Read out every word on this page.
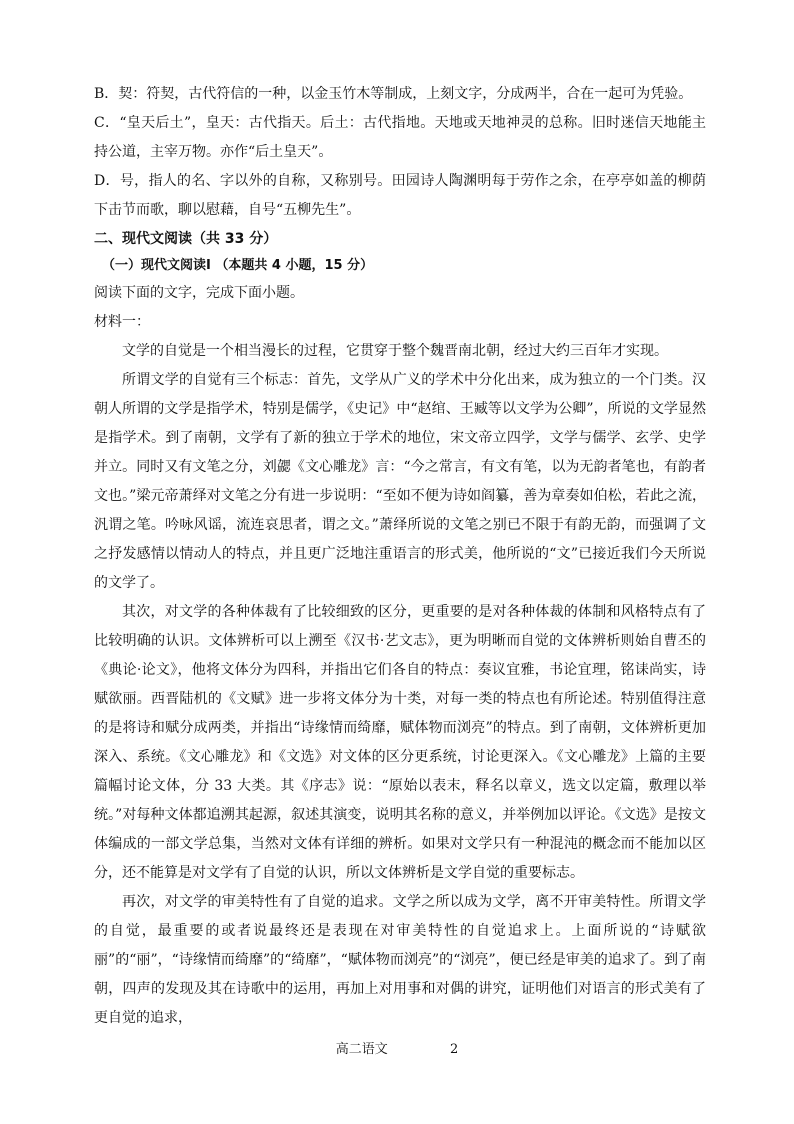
B．契：符契，古代符信的一种，以金玉竹木等制成，上刻文字，分成两半，合在一起可为凭验。

C．“皇天后土”，皇天：古代指天。后土：古代指地。天地或天地神灵的总称。旧时迷信天地能主持公道，主宰万物。亦作“后土皇天”。

D．号，指人的名、字以外的自称，又称别号。田园诗人陶渊明每于劳作之余，在亭亭如盖的柳荫下击节而歌，聊以慰藉，自号“五柳先生”。

二、现代文阅读（共 33 分）

（一）现代文阅读Ⅰ （本题共 4 小题，15 分）

阅读下面的文字，完成下面小题。

材料一：

文学的自觉是一个相当漫长的过程，它贯穿于整个魏晋南北朝，经过大约三百年才实现。

所谓文学的自觉有三个标志：首先，文学从广义的学术中分化出来，成为独立的一个门类。汉朝人所谓的文学是指学术，特别是儒学，《史记》中“赵绾、王臧等以文学为公卿”，所说的文学显然是指学术。到了南朝，文学有了新的独立于学术的地位，宋文帝立四学，文学与儒学、玄学、史学并立。同时又有文笔之分，刘勰《文心雕龙》言：“今之常言，有文有笔，以为无韵者笔也，有韵者文也。”梁元帝萧绎对文笔之分有进一步说明：“至如不便为诗如阎纂，善为章奏如伯松，若此之流，汎谓之笔。吟咏风谣，流连哀思者，谓之文。”萧绎所说的文笔之别已不限于有韵无韵，而强调了文之抒发感情以情动人的特点，并且更广泛地注重语言的形式美，他所说的“文”已接近我们今天所说的文学了。

其次，对文学的各种体裁有了比较细致的区分，更重要的是对各种体裁的体制和风格特点有了比较明确的认识。文体辨析可以上溯至《汉书·艺文志》，更为明晰而自觉的文体辨析则始自曹丕的《典论·论文》，他将文体分为四科，并指出它们各自的特点：奏议宜雅，书论宜理，铭诔尚实，诗赋欲丽。西晋陆机的《文赋》进一步将文体分为十类，对每一类的特点也有所论述。特别值得注意的是将诗和赋分成两类，并指出“诗缘情而绮靡，赋体物而浏亮”的特点。到了南朝，文体辨析更加深入、系统。《文心雕龙》和《文选》对文体的区分更系统，讨论更深入。《文心雕龙》上篇的主要篇幅讨论文体，分 33 大类。其《序志》说：“原始以表末，释名以章义，选文以定篇，敷理以举统。”对每种文体都追溯其起源，叙述其演变，说明其名称的意义，并举例加以评论。《文选》是按文体编成的一部文学总集，当然对文体有详细的辨析。如果对文学只有一种混沌的概念而不能加以区分，还不能算是对文学有了自觉的认识，所以文体辨析是文学自觉的重要标志。

再次，对文学的审美特性有了自觉的追求。文学之所以成为文学，离不开审美特性。所谓文学的自觉，最重要的或者说最终还是表现在对审美特性的自觉追求上。上面所说的“诗赋欲丽”的“丽”，“诗缘情而绮靡”的“绮靡”，“赋体物而浏亮”的“浏亮”，便已经是审美的追求了。到了南朝，四声的发现及其在诗歌中的运用，再加上对用事和对偶的讲究，证明他们对语言的形式美有了更自觉的追求，

高二语文	2
